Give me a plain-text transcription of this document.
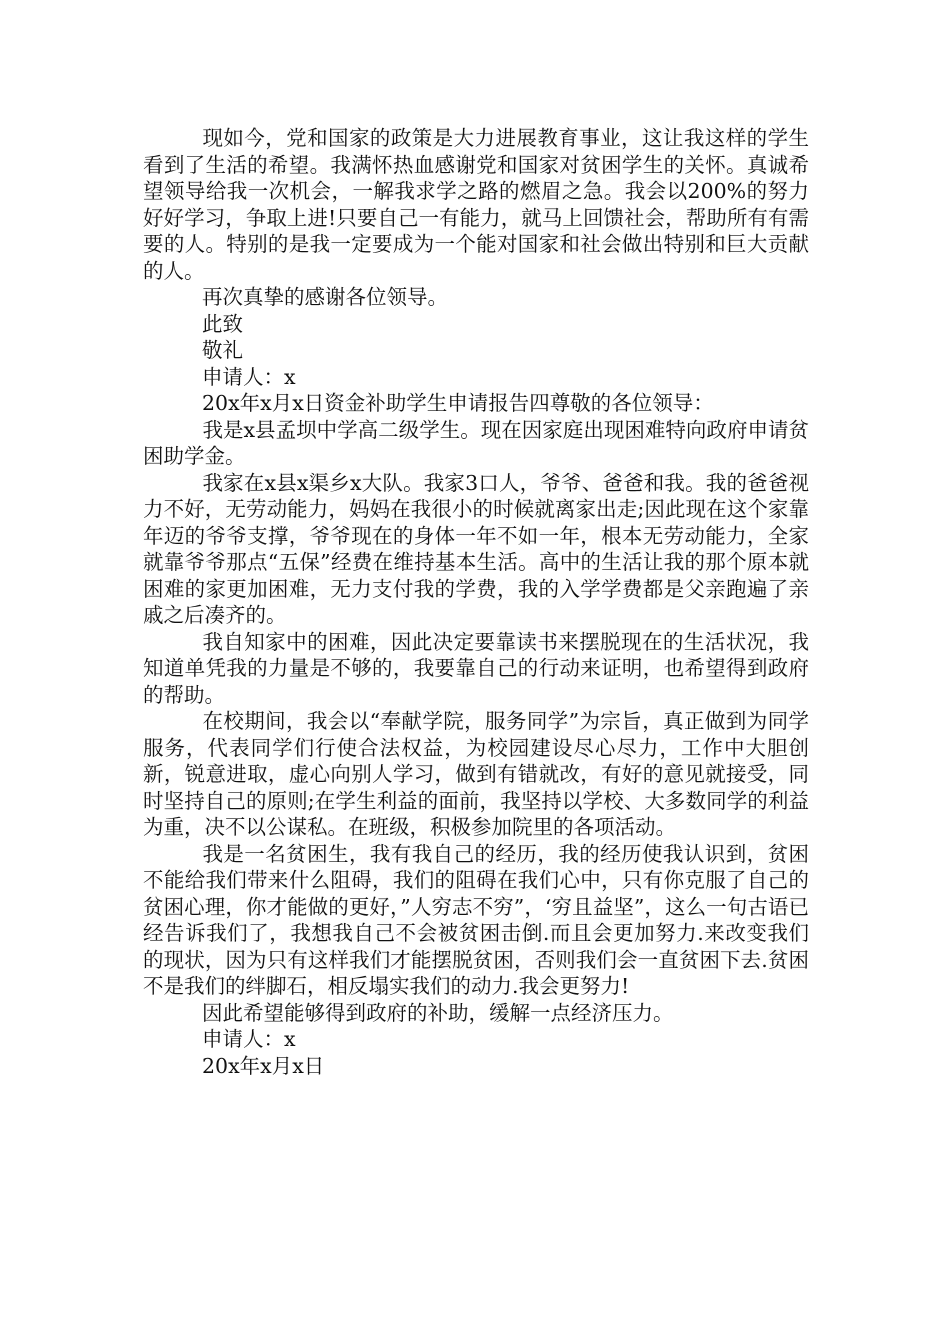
现如今，党和国家的政策是大力进展教育事业，这让我这样的学生看到了生活的希望。我满怀热血感谢党和国家对贫困学生的关怀。真诚希望领导给我一次机会，一解我求学之路的燃眉之急。我会以200%的努力好好学习，争取上进!只要自己一有能力，就马上回馈社会，帮助所有有需要的人。特别的是我一定要成为一个能对国家和社会做出特别和巨大贡献的人。

再次真挚的感谢各位领导。

此致

敬礼

申请人：x

20x年x月x日资金补助学生申请报告四尊敬的各位领导：

我是x县孟坝中学高二级学生。现在因家庭出现困难特向政府申请贫困助学金。

我家在x县x渠乡x大队。我家3口人，爷爷、爸爸和我。我的爸爸视力不好，无劳动能力，妈妈在我很小的时候就离家出走;因此现在这个家靠年迈的爷爷支撑，爷爷现在的身体一年不如一年，根本无劳动能力，全家就靠爷爷那点“五保”经费在维持基本生活。高中的生活让我的那个原本就困难的家更加困难，无力支付我的学费，我的入学学费都是父亲跑遍了亲戚之后凑齐的。

我自知家中的困难，因此决定要靠读书来摆脱现在的生活状况，我知道单凭我的力量是不够的，我要靠自己的行动来证明，也希望得到政府的帮助。

在校期间，我会以“奉献学院，服务同学”为宗旨，真正做到为同学服务，代表同学们行使合法权益，为校园建设尽心尽力，工作中大胆创新，锐意进取，虚心向别人学习，做到有错就改，有好的意见就接受，同时坚持自己的原则;在学生利益的面前，我坚持以学校、大多数同学的利益为重，决不以公谋私。在班级，积极参加院里的各项活动。

我是一名贫困生，我有我自己的经历，我的经历使我认识到，贫困不能给我们带来什么阻碍，我们的阻碍在我们心中，只有你克服了自己的贫困心理，你才能做的更好，”人穷志不穷”，‘穷且益坚”，这么一句古语已经告诉我们了，我想我自己不会被贫困击倒.而且会更加努力.来改变我们的现状，因为只有这样我们才能摆脱贫困，否则我们会一直贫困下去.贫困不是我们的绊脚石，相反塌实我们的动力.我会更努力!

因此希望能够得到政府的补助，缓解一点经济压力。

申请人：x

20x年x月x日
